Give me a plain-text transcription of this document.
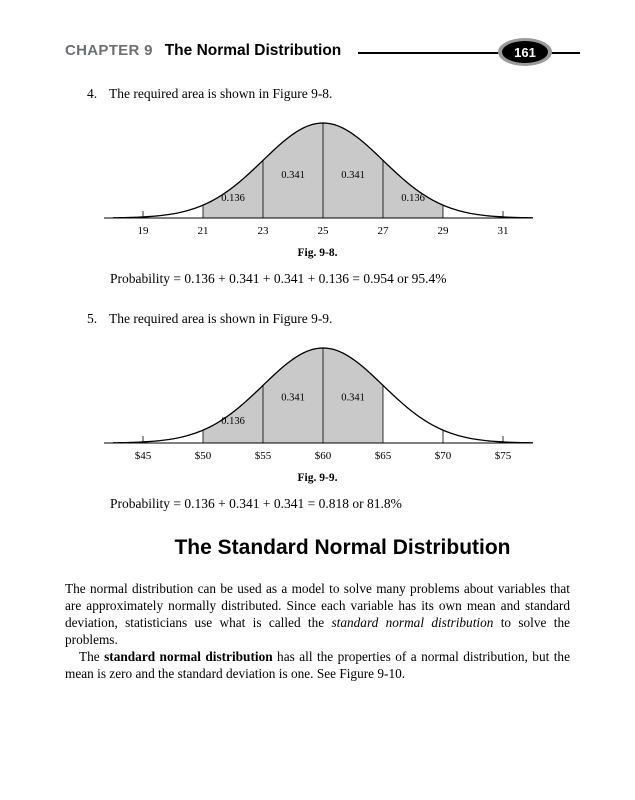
CHAPTER 9 The Normal Distribution	161
4. The required area is shown in Figure 9-8.
19	21	23	25	27	29	31
0.136
0.341	0.341
0.136
Fig. 9-8.
Probability = 0.136 + 0.341 + 0.341 + 0.136 = 0.954 or 95.4%
5. The required area is shown in Figure 9-9.
$45	$50	$55	$60	$65	$70	$75
0.136
0.341	0.341
Fig. 9-9.
Probability = 0.136 + 0.341 + 0.341 = 0.818 or 81.8%
The Standard Normal Distribution

The normal distribution can be used as a model to solve many problems about variables that are approximately normally distributed. Since each variable has its own mean and standard deviation, statisticians use what is called the standard normal distribution to solve the problems.

The standard normal distribution has all the properties of a normal distribution, but the mean is zero and the standard deviation is one. See Figure 9-10.
